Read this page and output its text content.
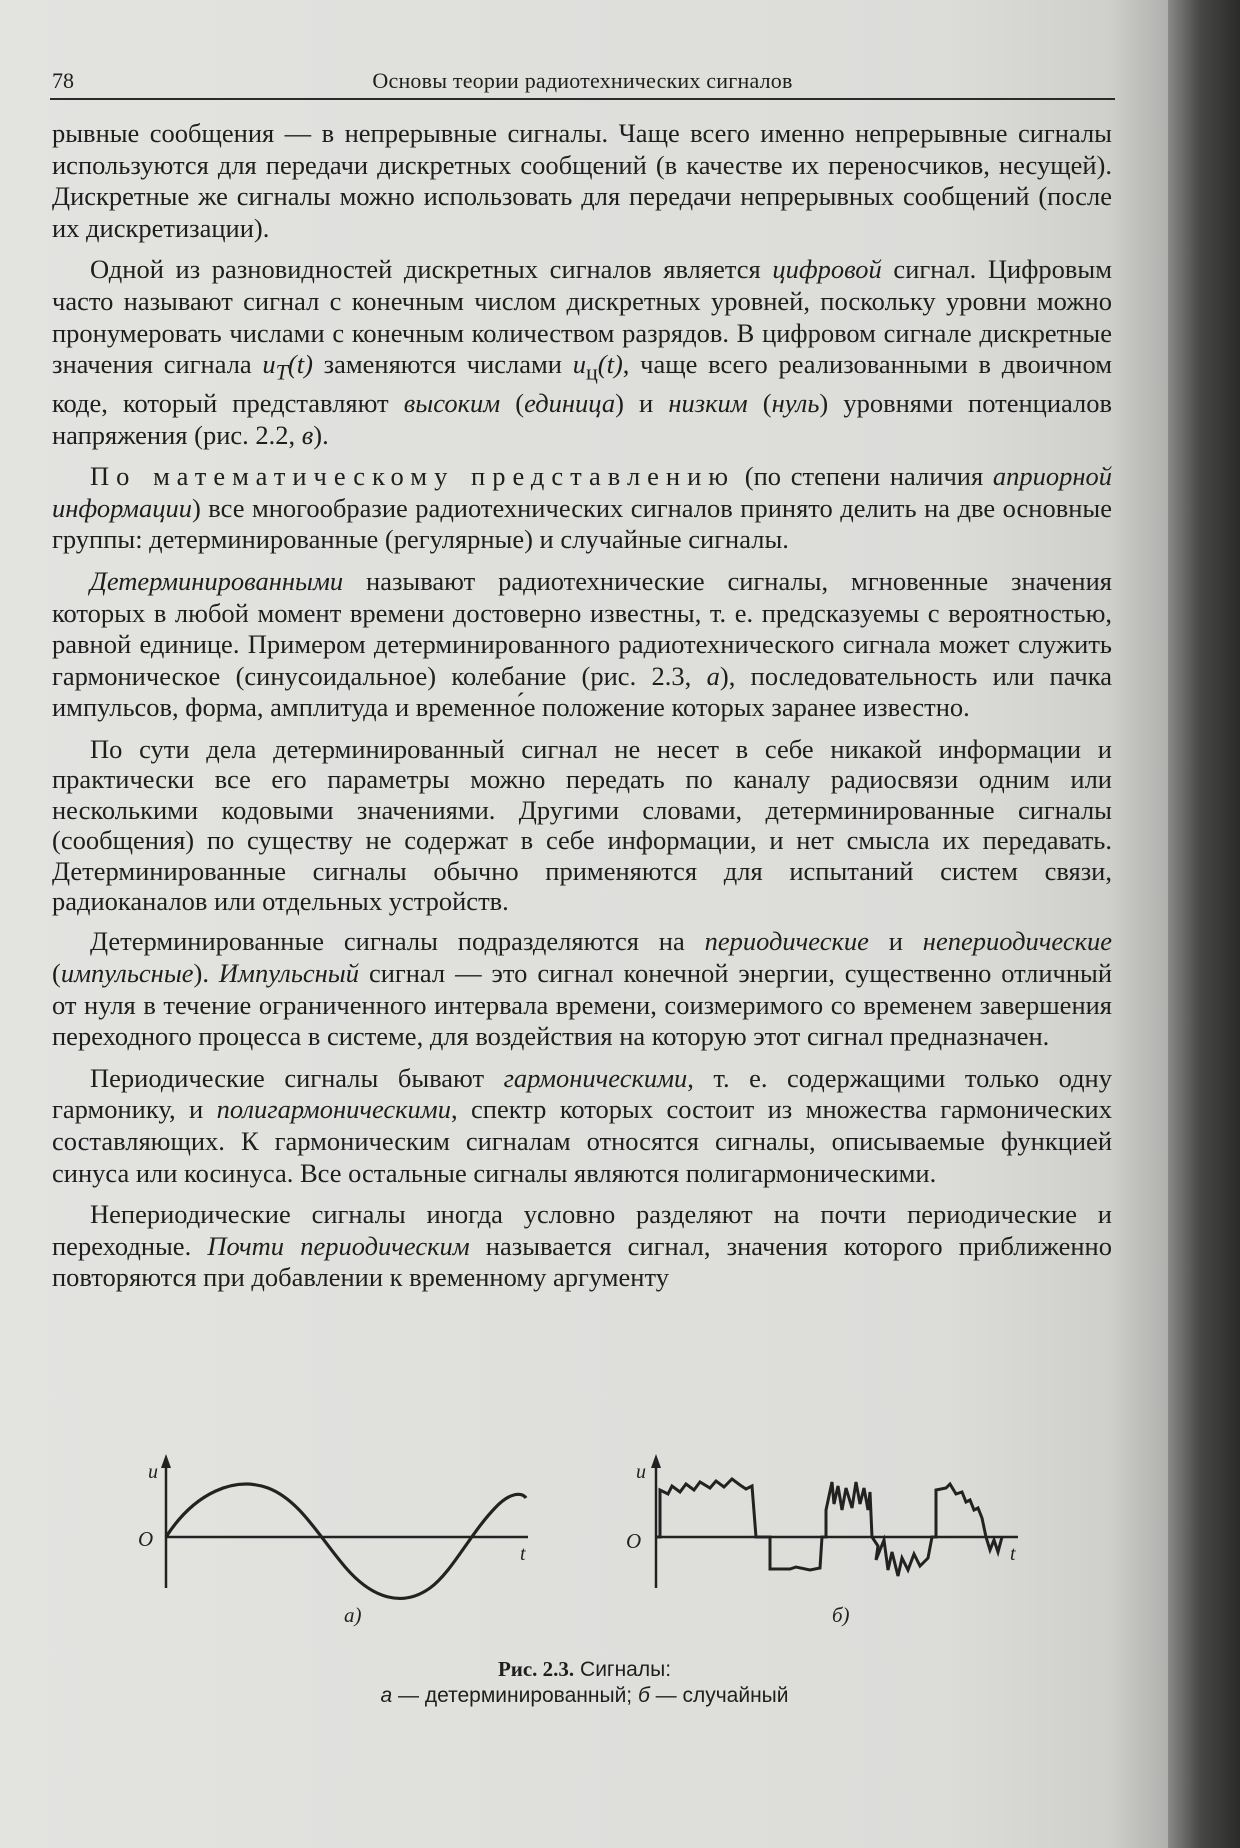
78	Основы теории радиотехнических сигналов

рывные сообщения — в непрерывные сигналы. Чаще всего именно непрерывные сигналы используются для передачи дискретных сообщений (в качестве их переносчиков, несущей). Дискретные же сигналы можно использовать для передачи непрерывных сообщений (после их дискретизации).

Одной из разновидностей дискретных сигналов является цифровой сигнал. Цифровым часто называют сигнал с конечным числом дискретных уровней, поскольку уровни можно пронумеровать числами с конечным количеством разрядов. В цифровом сигнале дискретные значения сигнала $u_T(t)$ заменяются числами $u_ц(t)$, чаще всего реализованными в двоичном коде, который представляют высоким (единица) и низким (нуль) уровнями потенциалов напряжения (рис. 2.2, в).

По математическому представлению (по степени наличия априорной информации) все многообразие радиотехнических сигналов принято делить на две основные группы: детерминированные (регулярные) и случайные сигналы.

Детерминированными называют радиотехнические сигналы, мгновенные значения которых в любой момент времени достоверно известны, т. е. предсказуемы с вероятностью, равной единице. Примером детерминированного радиотехнического сигнала может служить гармоническое (синусоидальное) колебание (рис. 2.3, а), последовательность или пачка импульсов, форма, амплитуда и временно́е положение которых заранее известно.

По сути дела детерминированный сигнал не несет в себе никакой информации и практически все его параметры можно передать по каналу радиосвязи одним или несколькими кодовыми значениями. Другими словами, детерминированные сигналы (сообщения) по существу не содержат в себе информации, и нет смысла их передавать. Детерминированные сигналы обычно применяются для испытаний систем связи, радиоканалов или отдельных устройств.

Детерминированные сигналы подразделяются на периодические и непериодические (импульсные). Импульсный сигнал — это сигнал конечной энергии, существенно отличный от нуля в течение ограниченного интервала времени, соизмеримого со временем завершения переходного процесса в системе, для воздействия на которую этот сигнал предназначен.

Периодические сигналы бывают гармоническими, т. е. содержащими только одну гармонику, и полигармоническими, спектр которых состоит из множества гармонических составляющих. К гармоническим сигналам относятся сигналы, описываемые функцией синуса или косинуса. Все остальные сигналы являются полигармоническими.

Непериодические сигналы иногда условно разделяют на почти периодические и переходные. Почти периодическим называется сигнал, значения которого приближенно повторяются при добавлении к временному аргументу

u
O
t
а)
u
O
t
б)
Рис. 2.3. Сигналы:
а — детерминированный; б — случайный
